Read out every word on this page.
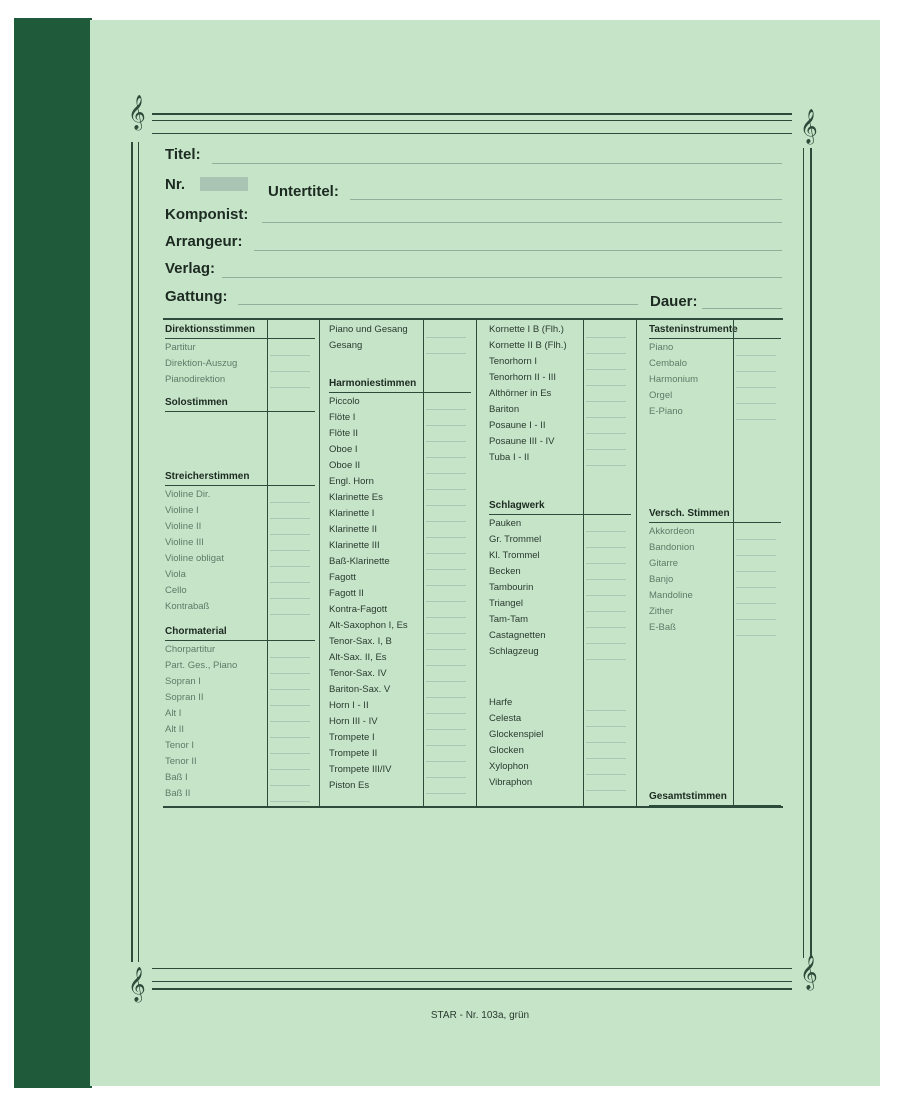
𝄞	𝄞
𝄞	𝄞
Titel:
Nr.	Untertitel:
Komponist:
Arrangeur:
Verlag:
Gattung:	Dauer:
Direktionsstimmen
Partitur
Direktion-Auszug
Pianodirektion
Solostimmen
Streicherstimmen
Violine Dir.
Violine I
Violine II
Violine III
Violine obligat
Viola
Cello
Kontrabaß
Chormaterial
Chorpartitur
Part. Ges., Piano
Sopran I
Sopran II
Alt I
Alt II
Tenor I
Tenor II
Baß I
Baß II
Piano und Gesang
Gesang
Harmoniestimmen
Piccolo
Flöte I
Flöte II
Oboe I
Oboe II
Engl. Horn
Klarinette Es
Klarinette I
Klarinette II
Klarinette III
Baß-Klarinette
Fagott
Fagott II
Kontra-Fagott
Alt-Saxophon I, Es
Tenor-Sax. I, B
Alt-Sax. II, Es
Tenor-Sax. IV
Bariton-Sax. V
Horn I - II
Horn III - IV
Trompete I
Trompete II
Trompete III/IV
Piston Es
Kornette I B (Flh.)
Kornette II B (Flh.)
Tenorhorn I
Tenorhorn II - III
Althörner in Es
Bariton
Posaune I - II
Posaune III - IV
Tuba I - II
Schlagwerk
Pauken
Gr. Trommel
Kl. Trommel
Becken
Tambourin
Triangel
Tam-Tam
Castagnetten
Schlagzeug
Harfe
Celesta
Glockenspiel
Glocken
Xylophon
Vibraphon
Tasteninstrumente
Piano
Cembalo
Harmonium
Orgel
E-Piano
Versch. Stimmen
Akkordeon
Bandonion
Gitarre
Banjo
Mandoline
Zither
E-Baß
Gesamtstimmen
STAR - Nr. 103a, grün
